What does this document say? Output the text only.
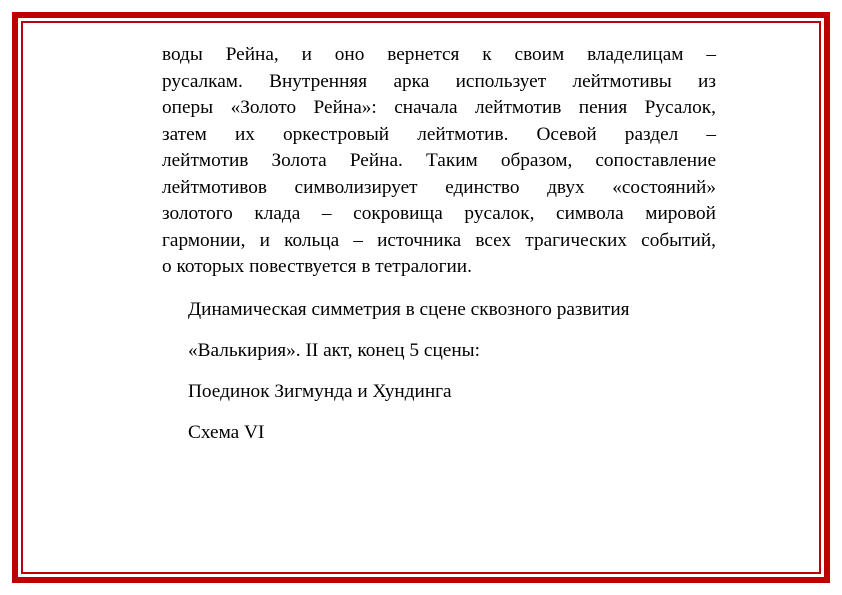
воды Рейна, и оно вернется к своим владелицам –
русалкам. Внутренняя арка использует лейтмотивы из
оперы «Золото Рейна»: сначала лейтмотив пения Русалок,
затем их оркестровый лейтмотив. Осевой раздел –
лейтмотив Золота Рейна. Таким образом, сопоставление
лейтмотивов символизирует единство двух «состояний»
золотого клада – сокровища русалок, символа мировой
гармонии, и кольца – источника всех трагических событий,
о которых повествуется в тетралогии.

Динамическая симметрия в сцене сквозного развития

«Валькирия». II акт, конец 5 сцены:

Поединок Зигмунда и Хундинга

Схема VI
